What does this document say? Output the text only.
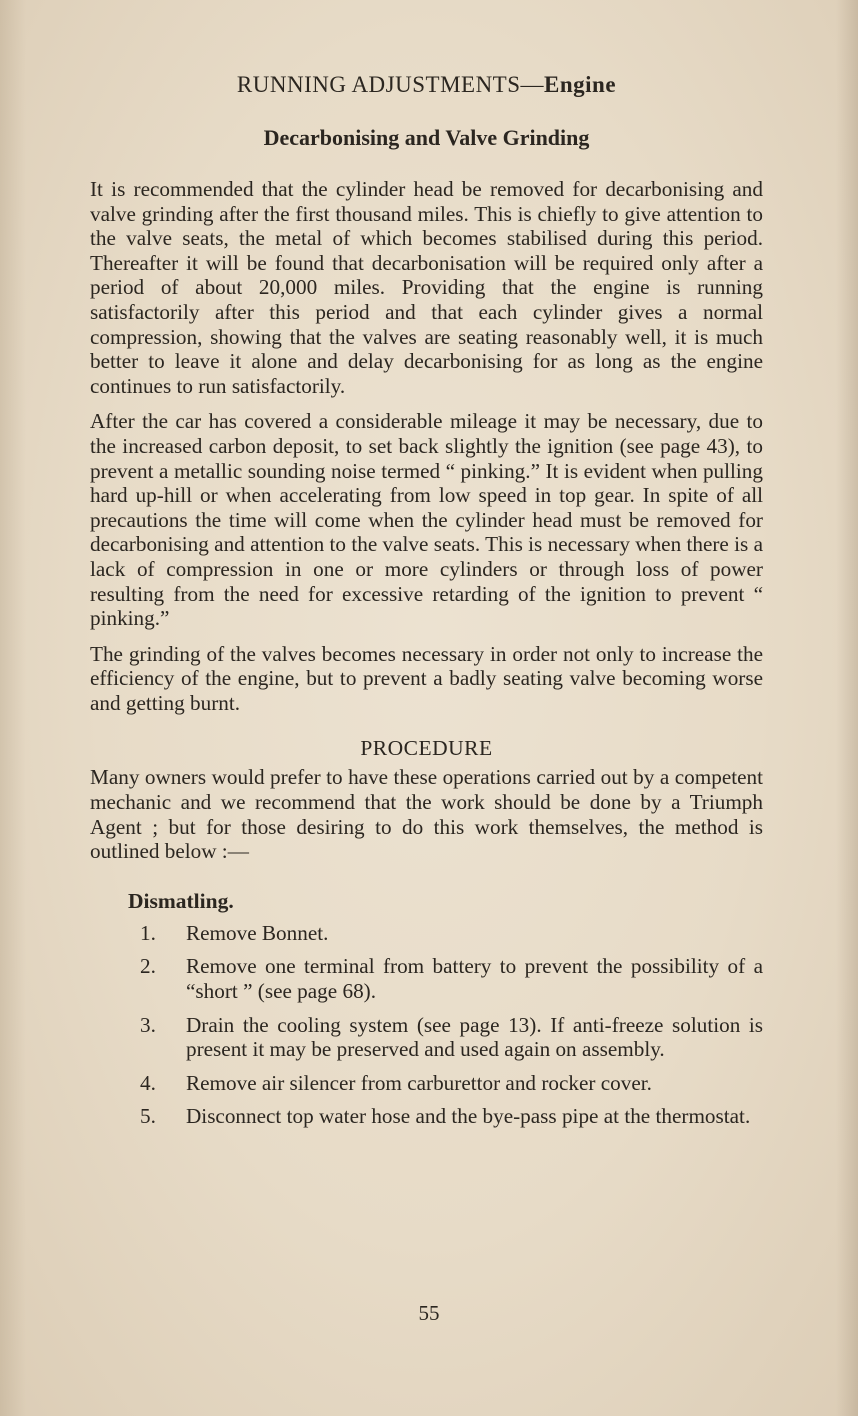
RUNNING ADJUSTMENTS—Engine
Decarbonising and Valve Grinding

It is recommended that the cylinder head be removed for decarbonising and valve grinding after the first thousand miles. This is chiefly to give attention to the valve seats, the metal of which becomes stabilised during this period. Thereafter it will be found that decarbonisation will be required only after a period of about 20,000 miles. Providing that the engine is running satisfactorily after this period and that each cylinder gives a normal compression, showing that the valves are seating reasonably well, it is much better to leave it alone and delay decarbonising for as long as the engine continues to run satisfactorily.

After the car has covered a considerable mileage it may be necessary, due to the increased carbon deposit, to set back slightly the ignition (see page 43), to prevent a metallic sounding noise termed “ pinking.” It is evident when pulling hard up-hill or when accelerating from low speed in top gear. In spite of all precautions the time will come when the cylinder head must be removed for decarbonising and attention to the valve seats. This is necessary when there is a lack of compression in one or more cylinders or through loss of power resulting from the need for excessive retarding of the ignition to prevent “ pinking.”

The grinding of the valves becomes necessary in order not only to increase the efficiency of the engine, but to prevent a badly seating valve becoming worse and getting burnt.

PROCEDURE

Many owners would prefer to have these operations carried out by a competent mechanic and we recommend that the work should be done by a Triumph Agent ; but for those desiring to do this work themselves, the method is outlined below :—

Dismatling.
1.	Remove Bonnet.
2.	Remove one terminal from battery to prevent the possibility of a “short ” (see page 68).
3.	Drain the cooling system (see page 13). If anti-freeze solution is present it may be preserved and used again on assembly.
4.	Remove air silencer from carburettor and rocker cover.
5.	Disconnect top water hose and the bye-pass pipe at the thermostat.
55
